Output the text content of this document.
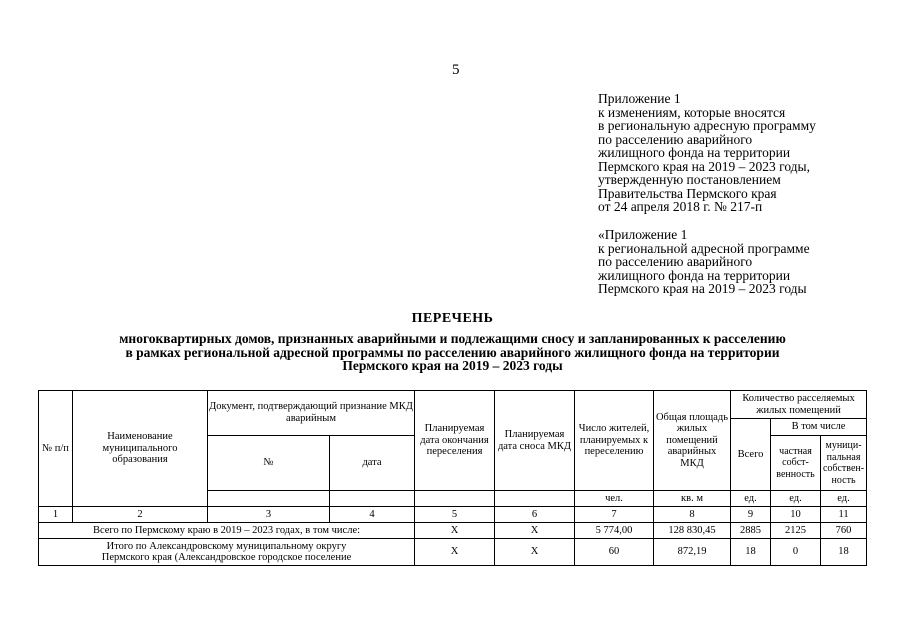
5
Приложение 1
к изменениям, которые вносятся
в региональную адресную программу
по расселению аварийного
жилищного фонда на территории
Пермского края на 2019 – 2023 годы,
утвержденную постановлением
Правительства Пермского края
от 24 апреля 2018 г. № 217-п
«Приложение 1
к региональной адресной программе
по расселению аварийного
жилищного фонда на территории
Пермского края на 2019 – 2023 годы
ПЕРЕЧЕНЬ
многоквартирных домов, признанных аварийными и подлежащими сносу и запланированных к расселению
в рамках региональной адресной программы по расселению аварийного жилищного фонда на территории
Пермского края на 2019 – 2023 годы
№ п/п	Наименование муниципального образования	Документ, подтверждающий признание МКД аварийным		Планируемая дата окончания переселения	Планируемая дата сноса МКД	Число жителей, планируемых к переселению	Общая площадь жилых помещений аварийных МКД	Количество расселяемых жилых помещений		
								Всего	В том числе	
		№	дата						частная собст-венность	муници-пальная собствен-ность
						чел.	кв. м	ед.	ед.	ед.
1	2	3	4	5	6	7	8	9	10	11
Всего по Пермскому краю в 2019 – 2023 годах, в том числе:				X	X	5 774,00	128 830,45	2885	2125	760
Итого по Александровскому муниципальному округу
Пермского края (Александровское городское поселение				X	X	60	872,19	18	0	18
